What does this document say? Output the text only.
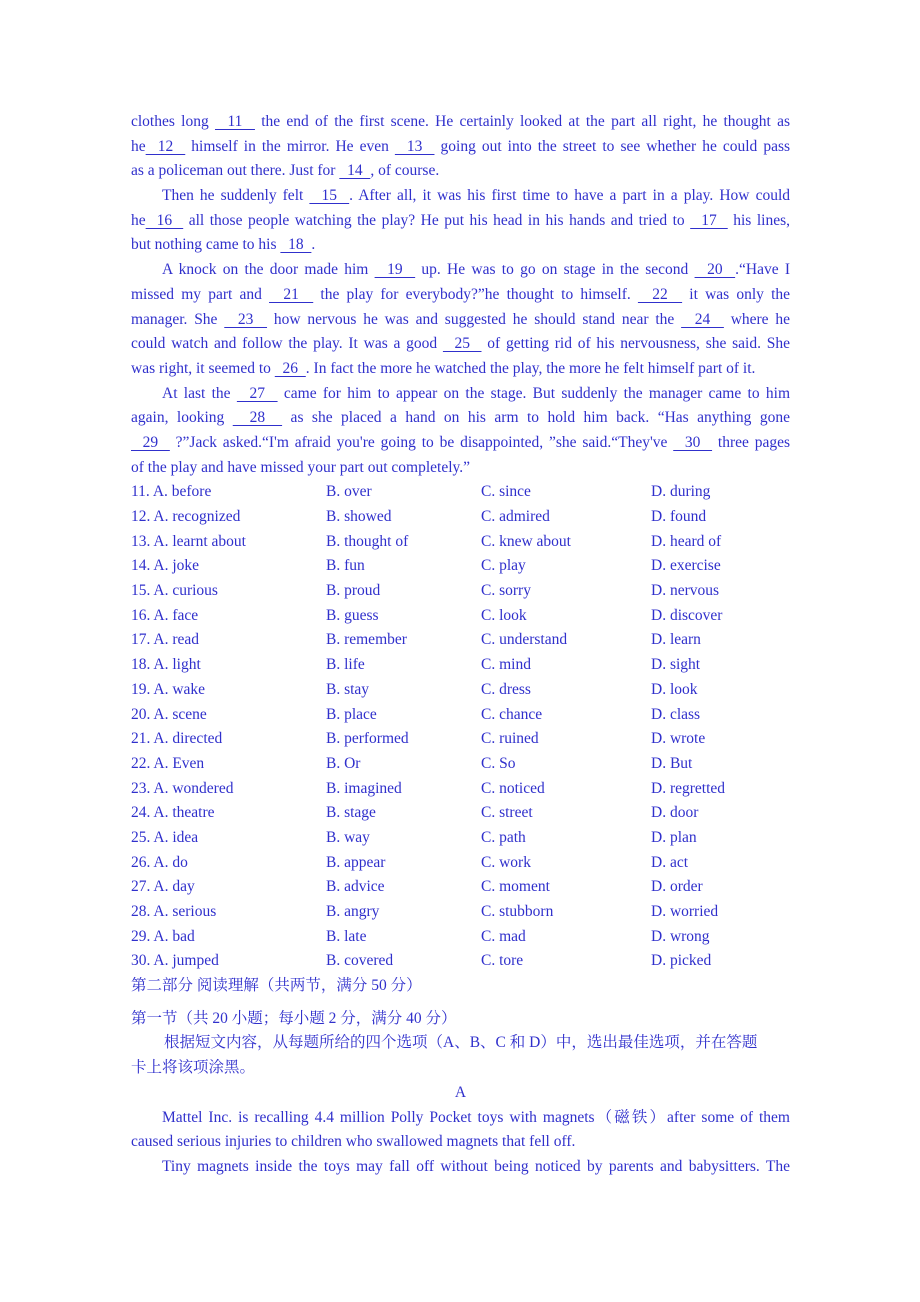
clothes long   11   the end of the first scene. He certainly looked at the part all right, he thought as
he  12   himself in the mirror. He even   13   going out into the street to see whether he could pass
as a policeman out there. Just for   14  , of course.
Then he suddenly felt   15  . After all, it was his first time to have a part in a play. How could
he  16   all those people watching the play? He put his head in his hands and tried to   17   his lines,
but nothing came to his   18  .
A knock on the door made him   19   up. He was to go on stage in the second   20  .“Have I
missed my part and   21   the play for everybody?”he thought to himself.   22   it was only the
manager. She   23   how nervous he was and suggested he should stand near the   24   where he
could watch and follow the play. It was a good   25   of getting rid of his nervousness, she said. She
was right, it seemed to   26  . In fact the more he watched the play, the more he felt himself part of it.
At last the   27   came for him to appear on the stage. But suddenly the manager came to him
again, looking   28   as she placed a hand on his arm to hold him back. “Has anything gone
29   ?”Jack asked.“I'm afraid you're going to be disappointed, ”she said.“They've   30   three pages
of the play and have missed your part out completely.”
11. A. before	B. over	C. since	D. during
12. A. recognized	B. showed	C. admired	D. found
13. A. learnt about	B. thought of	C. knew about	D. heard of
14. A. joke	B. fun	C. play	D. exercise
15. A. curious	B. proud	C. sorry	D. nervous
16. A. face	B. guess	C. look	D. discover
17. A. read	B. remember	C. understand	D. learn
18. A. light	B. life	C. mind	D. sight
19. A. wake	B. stay	C. dress	D. look
20. A. scene	B. place	C. chance	D. class
21. A. directed	B. performed	C. ruined	D. wrote
22. A. Even	B. Or	C. So	D. But
23. A. wondered	B. imagined	C. noticed	D. regretted
24. A. theatre	B. stage	C. street	D. door
25. A. idea	B. way	C. path	D. plan
26. A. do	B. appear	C. work	D. act
27. A. day	B. advice	C. moment	D. order
28. A. serious	B. angry	C. stubborn	D. worried
29. A. bad	B. late	C. mad	D. wrong
30. A. jumped	B. covered	C. tore	D. picked
第二部分 阅读理解（共两节，满分 50 分）
第一节（共 20 小题；每小题 2 分，满分 40 分）
根据短文内容，从每题所给的四个选项（A、B、C 和 D）中，选出最佳选项，并在答题
卡上将该项涂黑。
A
Mattel Inc. is recalling 4.4 million Polly Pocket toys with magnets（磁铁）after some of them
caused serious injuries to children who swallowed magnets that fell off.
Tiny magnets inside the toys may fall off without being noticed by parents and babysitters. The
